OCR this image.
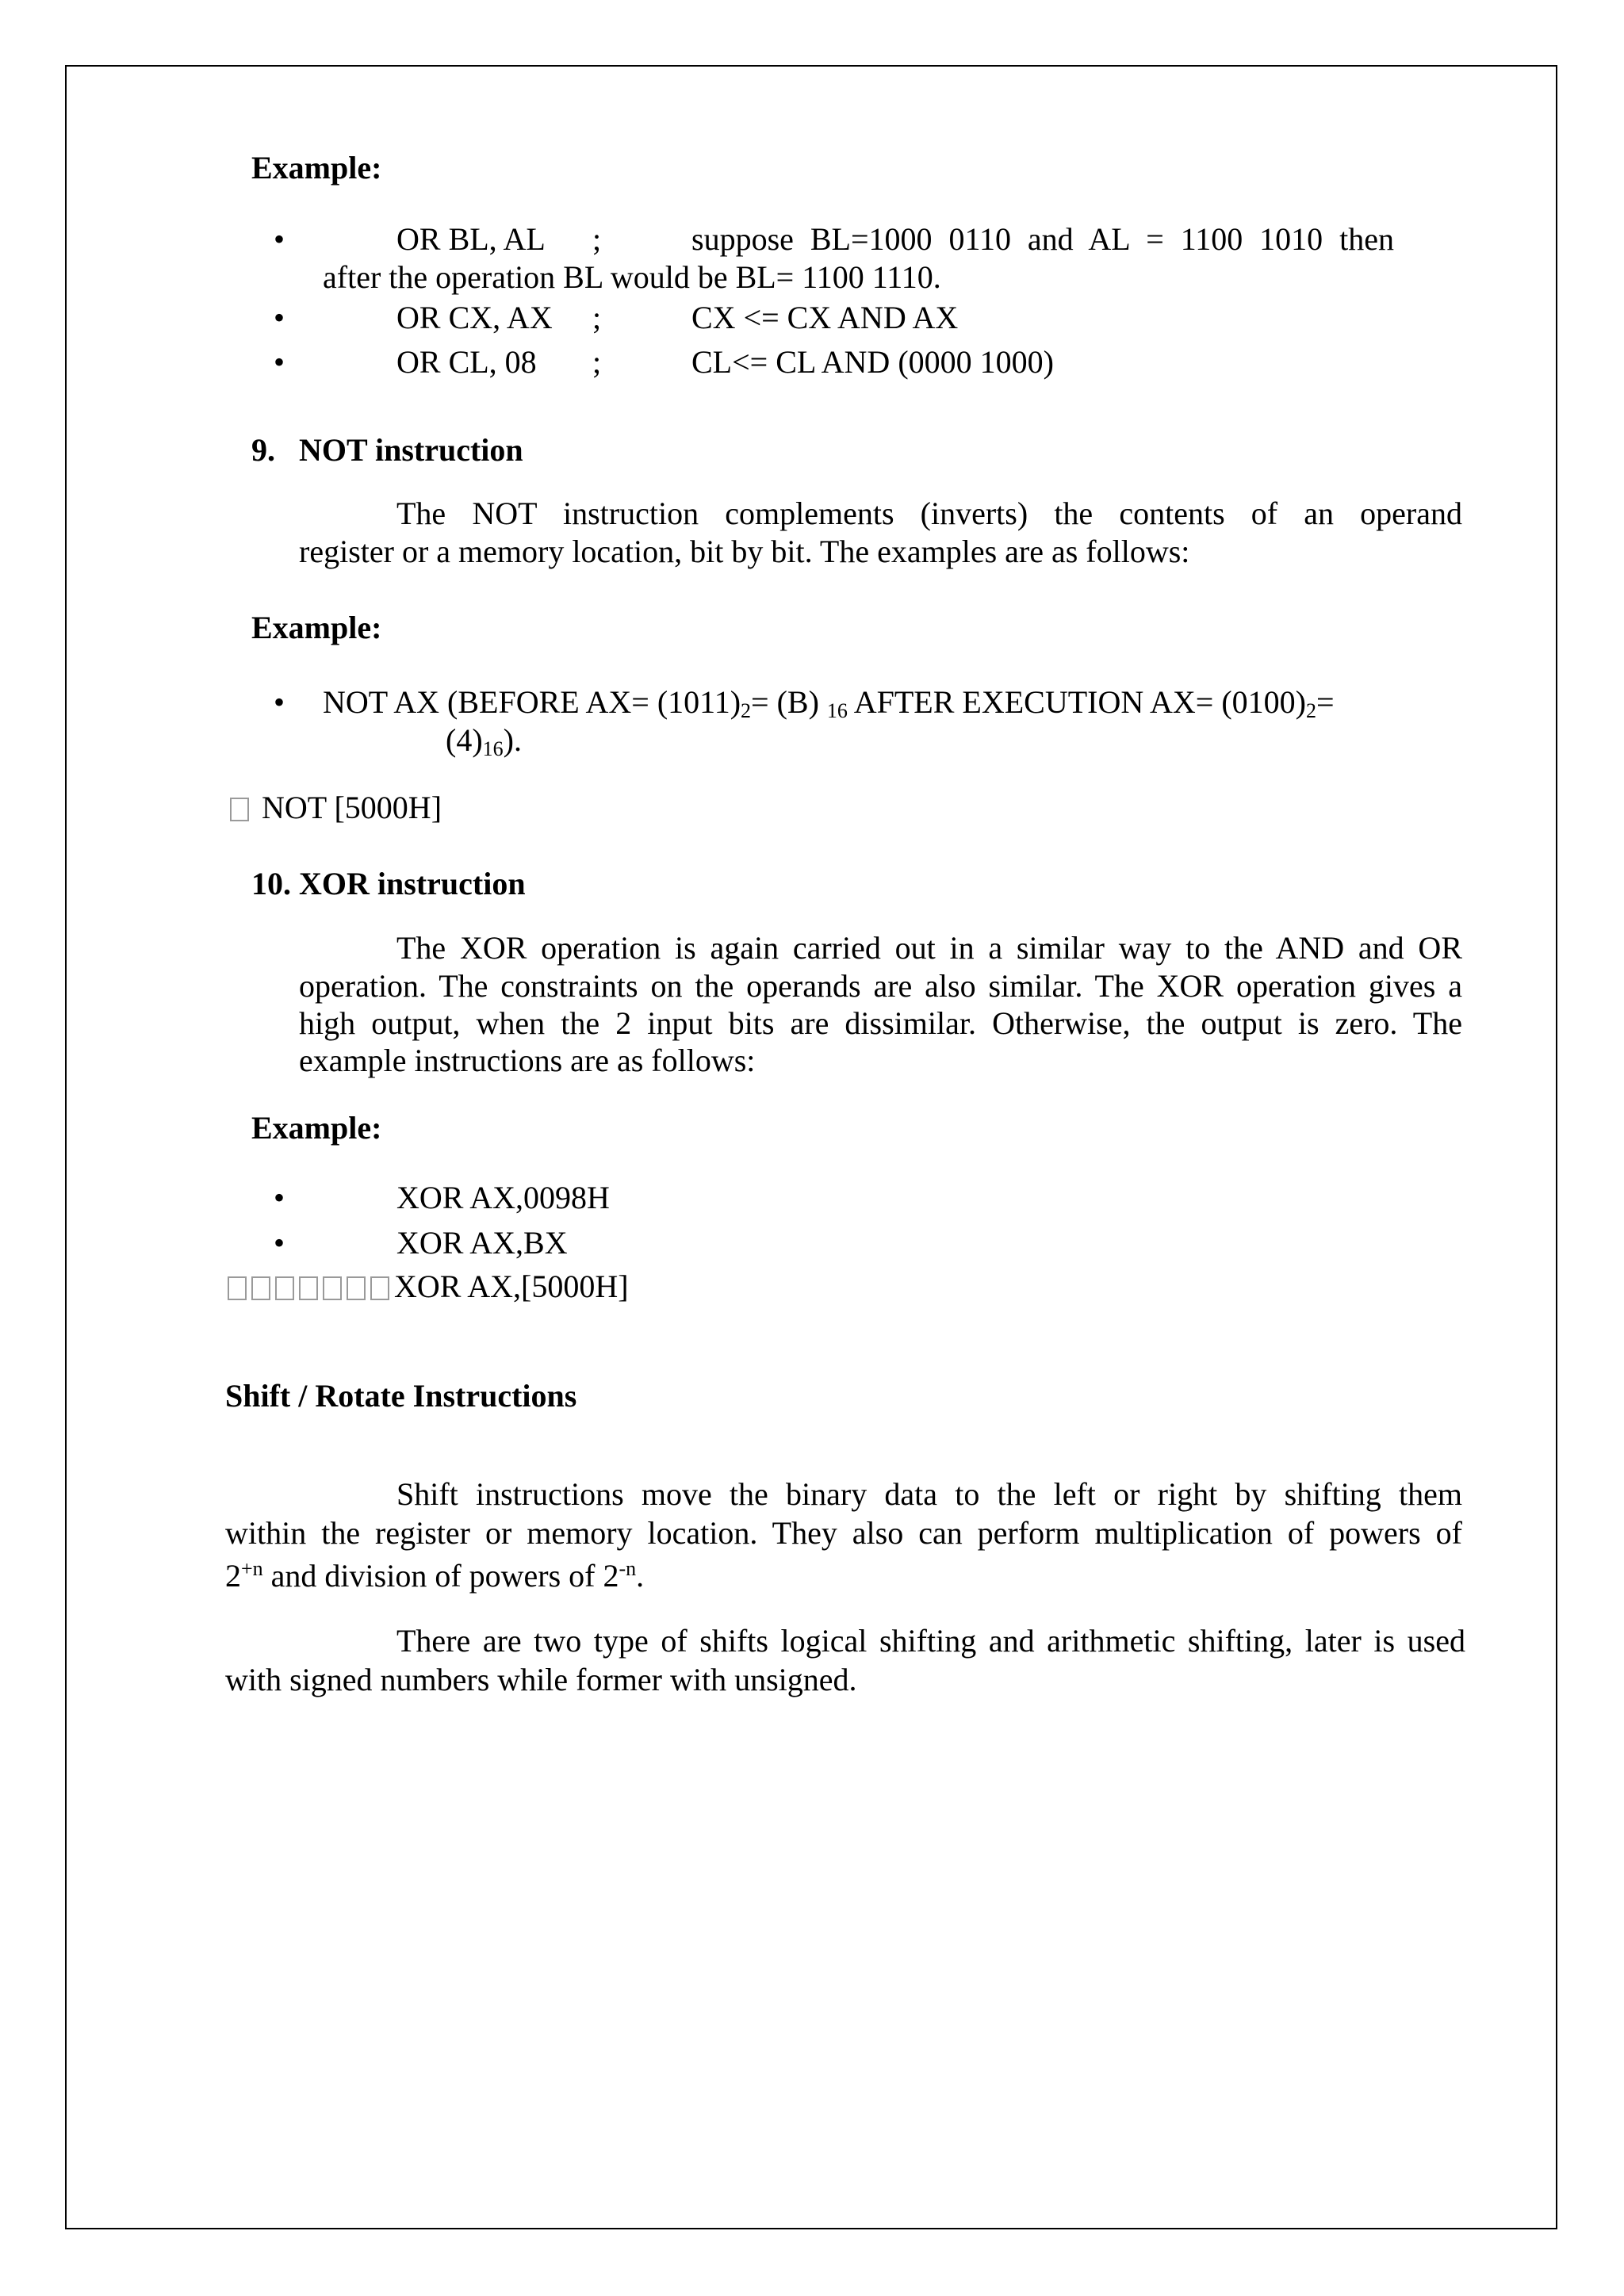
Example:
•	OR BL, AL ;	suppose BL=1000 0110 and AL = 1100 1010 then
after the operation BL would be BL= 1100 1110.
•	OR CX, AX ;	CX <= CX AND AX
•	OR CL, 08 ;	CL<= CL AND (0000 1000)
9.   NOT instruction
The NOT instruction complements (inverts) the contents of an operand
register or a memory location, bit by bit. The examples are as follows:
Example:
• NOT AX (BEFORE $AX= (1011)_2= (B)$ $_{16}$ AFTER EXECUTION $AX= (0100)_2=$
$(4)_{16}$).
NOT [5000H]
10. XOR instruction
The XOR operation is again carried out in a similar way to the AND and OR
operation. The constraints on the operands are also similar. The XOR operation gives a
high output, when the 2 input bits are dissimilar. Otherwise, the output is zero. The
example instructions are as follows:
Example:
•	XOR AX,0098H
•	XOR AX,BX
XOR AX,[5000H]
Shift / Rotate Instructions
Shift instructions move the binary data to the left or right by shifting them
within the register or memory location. They also can perform multiplication of powers of
$2^{+n}$ and division of powers of $2^{-n}$.
There are two type of shifts logical shifting and arithmetic shifting, later is used
with signed numbers while former with unsigned.
